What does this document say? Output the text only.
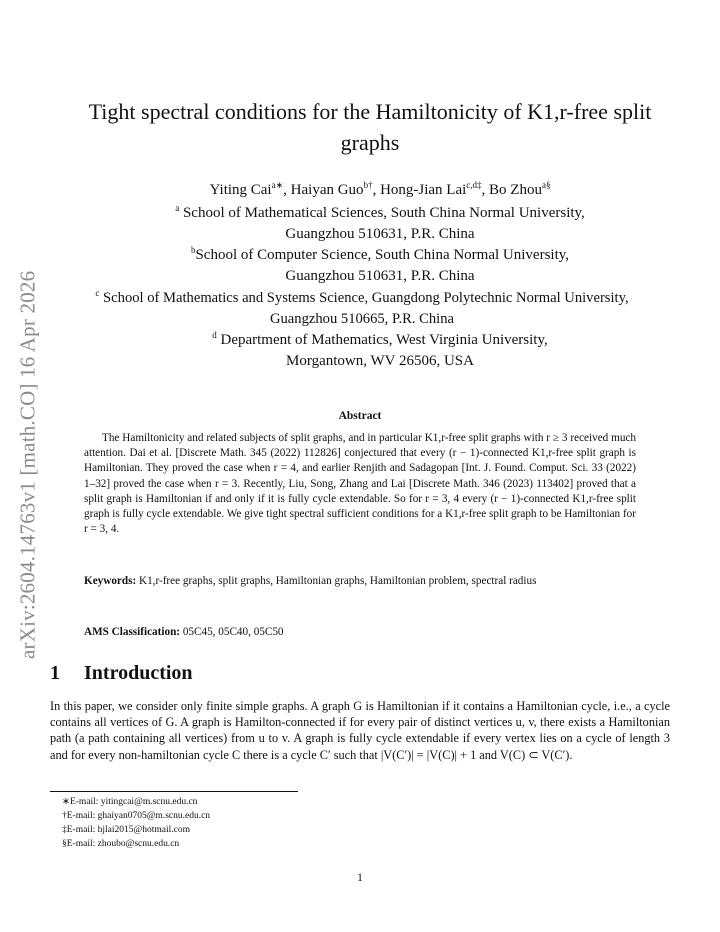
arXiv:2604.14763v1 [math.CO] 16 Apr 2026
Tight spectral conditions for the Hamiltonicity of K1,r-free split
graphs
Yiting Cai$^{a∗}$, Haiyan Guo$^{b\dagger}$, Hong-Jian Lai$^{c,d\ddagger}$, Bo Zhou$^{a\S}$
$^a$ School of Mathematical Sciences, South China Normal University,
Guangzhou 510631, P.R. China
$^b$School of Computer Science, South China Normal University,
Guangzhou 510631, P.R. China
$^c$ School of Mathematics and Systems Science, Guangdong Polytechnic Normal University,
Guangzhou 510665, P.R. China
$^d$ Department of Mathematics, West Virginia University,
Morgantown, WV 26506, USA
Abstract
The Hamiltonicity and related subjects of split graphs, and in particular K1,r-free split graphs with r ≥ 3 received much attention. Dai et al. [Discrete Math. 345 (2022) 112826] conjectured that every (r − 1)-connected K1,r-free split graph is Hamiltonian. They proved the case when r = 4, and earlier Renjith and Sadagopan [Int. J. Found. Comput. Sci. 33 (2022) 1–32] proved the case when r = 3. Recently, Liu, Song, Zhang and Lai [Discrete Math. 346 (2023) 113402] proved that a split graph is Hamiltonian if and only if it is fully cycle extendable. So for r = 3, 4 every (r − 1)-connected K1,r-free split graph is fully cycle extendable. We give tight spectral sufficient conditions for a K1,r-free split graph to be Hamiltonian for r = 3, 4.
Keywords: K1,r-free graphs, split graphs, Hamiltonian graphs, Hamiltonian problem, spectral radius
AMS Classification: 05C45, 05C40, 05C50
1 Introduction
In this paper, we consider only finite simple graphs. A graph G is Hamiltonian if it contains a Hamiltonian cycle, i.e., a cycle contains all vertices of G. A graph is Hamilton-connected if for every pair of distinct vertices u, v, there exists a Hamiltonian path (a path containing all vertices) from u to v. A graph is fully cycle extendable if every vertex lies on a cycle of length 3 and for every non-hamiltonian cycle C there is a cycle C′ such that |V(C′)| = |V(C)| + 1 and V(C) ⊂ V(C′).
∗E-mail: yitingcai@m.scnu.edu.cn
†E-mail: ghaiyan0705@m.scnu.edu.cn
‡E-mail: hjlai2015@hotmail.com
§E-mail: zhoubo@scnu.edu.cn
1
